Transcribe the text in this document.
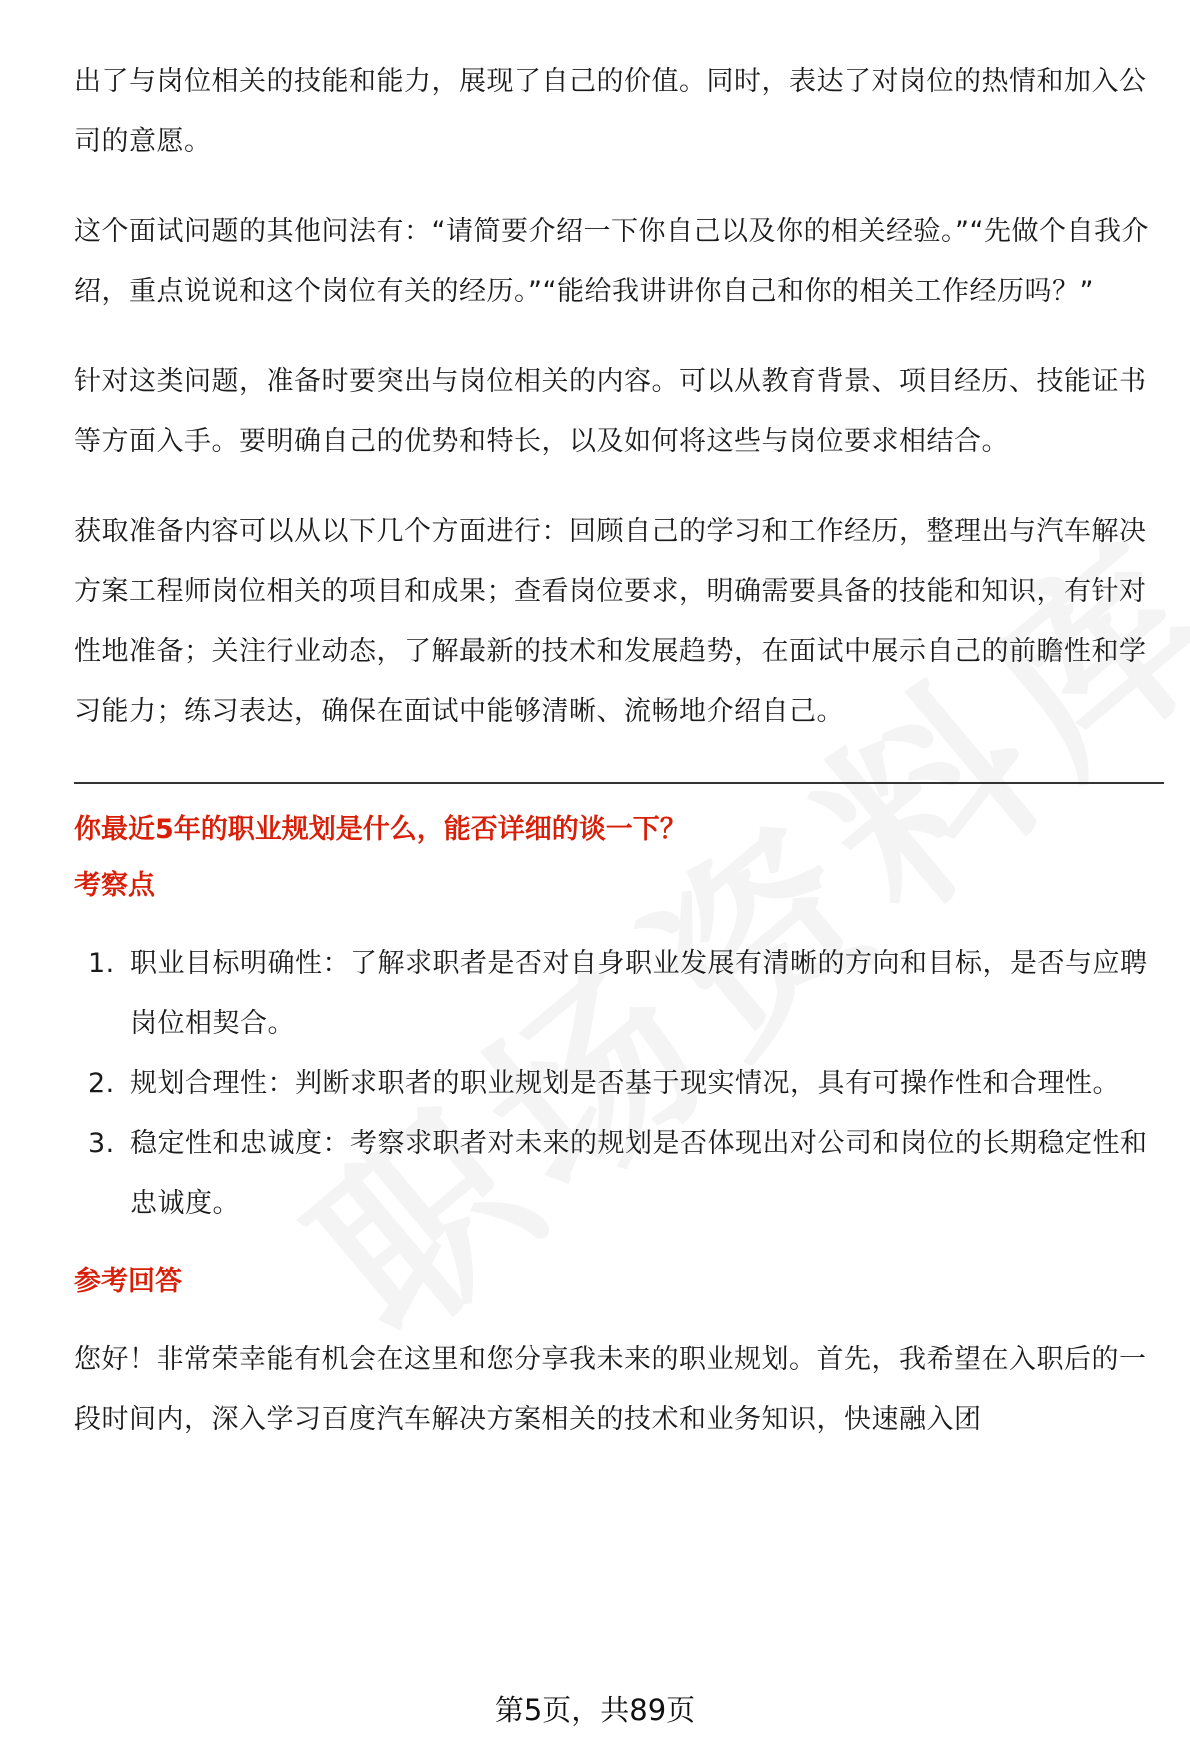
出了与岗位相关的技能和能力，展现了自己的价值。同时，表达了对岗位的热情和加入公司的意愿。

这个面试问题的其他问法有：“请简要介绍一下你自己以及你的相关经验。”“先做个自我介绍，重点说说和这个岗位有关的经历。”“能给我讲讲你自己和你的相关工作经历吗？”

针对这类问题，准备时要突出与岗位相关的内容。可以从教育背景、项目经历、技能证书等方面入手。要明确自己的优势和特长，以及如何将这些与岗位要求相结合。

获取准备内容可以从以下几个方面进行：回顾自己的学习和工作经历，整理出与汽车解决方案工程师岗位相关的项目和成果；查看岗位要求，明确需要具备的技能和知识，有针对性地准备；关注行业动态，了解最新的技术和发展趋势，在面试中展示自己的前瞻性和学习能力；练习表达，确保在面试中能够清晰、流畅地介绍自己。

你最近5年的职业规划是什么，能否详细的谈一下？

考察点

1. 职业目标明确性：了解求职者是否对自身职业发展有清晰的方向和目标，是否与应聘岗位相契合。
2. 规划合理性：判断求职者的职业规划是否基于现实情况，具有可操作性和合理性。
3. 稳定性和忠诚度：考察求职者对未来的规划是否体现出对公司和岗位的长期稳定性和忠诚度。

参考回答

您好！非常荣幸能有机会在这里和您分享我未来的职业规划。首先，我希望在入职后的一段时间内，深入学习百度汽车解决方案相关的技术和业务知识，快速融入团

第5页，共89页
